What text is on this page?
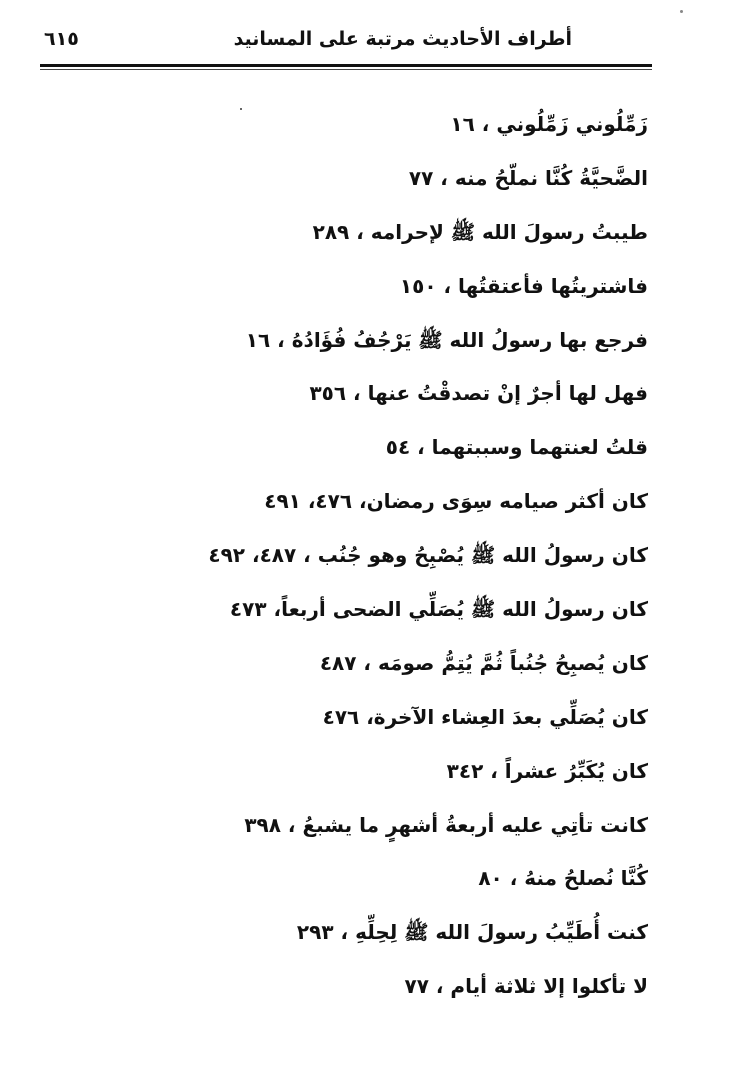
أطراف الأحاديث مرتبة على المسانيد
٦١٥
زَمِّلُوني زَمِّلُوني ، ١٦
الضَّحيَّةُ كُنَّا نملّحُ منه ، ٧٧
طيبتُ رسولَ الله ﷺ لإحرامه ، ٢٨٩
فاشتريتُها فأعتقتُها ، ١٥٠
فرجع بها رسولُ الله ﷺ يَرْجُفُ فُؤَادُهُ ، ١٦
فهل لها أجرٌ إنْ تصدقْتُ عنها ، ٣٥٦
قلتُ لعنتهما وسببتهما ، ٥٤
كان أكثر صيامه سِوَى رمضان، ٤٧٦، ٤٩١
كان رسولُ الله ﷺ يُصْبِحُ وهو جُنُب ، ٤٨٧، ٤٩٢
كان رسولُ الله ﷺ يُصَلِّي الضحى أربعاً، ٤٧٣
كان يُصبِحُ جُنُباً ثُمَّ يُتِمُّ صومَه ، ٤٨٧
كان يُصَلِّي بعدَ العِشاء الآخرة، ٤٧٦
كان يُكَبِّرُ عشراً ، ٣٤٢
كانت تأتِي عليه أربعةُ أشهرٍ ما يشبعُ ، ٣٩٨
كُنَّا نُصلحُ منهُ ، ٨٠
كنت أُطَيِّبُ رسولَ الله ﷺ لِحِلِّهِ ، ٢٩٣
لا تأكلوا إلا ثلاثة أيام ، ٧٧
